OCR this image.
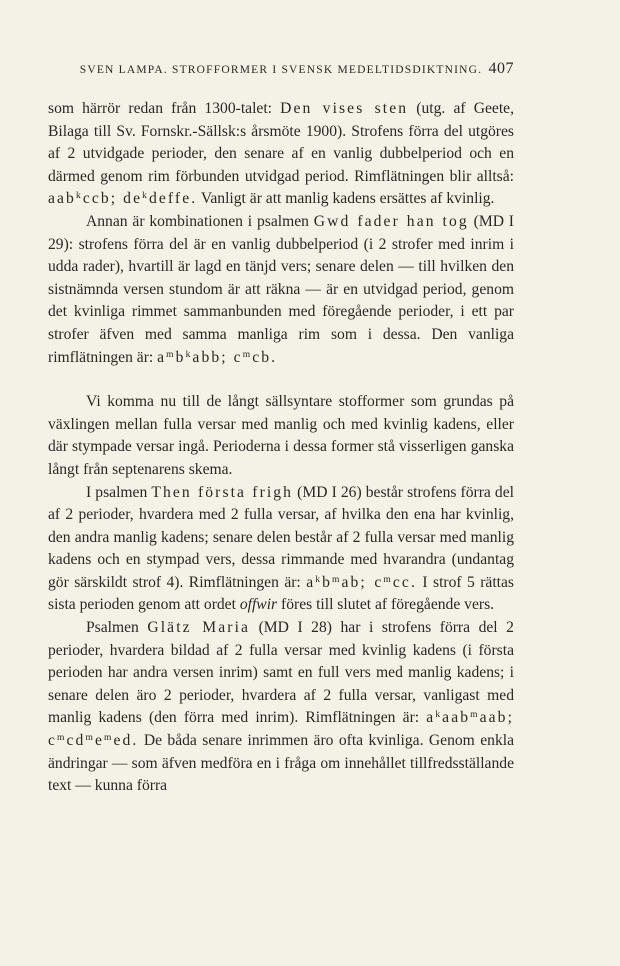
SVEN LAMPA. STROFFORMER I SVENSK MEDELTIDSDIKTNING. 407

som härrör redan från 1300-talet: Den vises sten (utg. af Geete, Bilaga till Sv. Fornskr.-Sällsk:s årsmöte 1900). Strofens förra del utgöres af 2 utvidgade perioder, den senare af en vanlig dubbelperiod och en därmed genom rim förbunden utvidgad period. Rimflätningen blir alltså: aab$^k$ccb; $de^kdeffe$. Vanligt är att manlig kadens ersättes af kvinlig.

Annan är kombinationen i psalmen Gwd fader han tog (MD I 29): strofens förra del är en vanlig dubbelperiod (i 2 strofer med inrim i udda rader), hvartill är lagd en tänjd vers; senare delen — till hvilken den sistnämnda versen stundom är att räkna — är en utvidgad period, genom det kvinliga rimmet sammanbunden med föregående perioder, i ett par strofer äfven med samma manliga rim som i dessa. Den vanliga rimflätningen är: $a^mb^kabb$; $c^mcb$.

Vi komma nu till de långt sällsyntare stofformer som grundas på växlingen mellan fulla versar med manlig och med kvinlig kadens, eller där stympade versar ingå. Perioderna i dessa former stå visserligen ganska långt från septenarens skema.

I psalmen Then första frigh (MD I 26) består strofens förra del af 2 perioder, hvardera med 2 fulla versar, af hvilka den ena har kvinlig, den andra manlig kadens; senare delen består af 2 fulla versar med manlig kadens och en stympad vers, dessa rimmande med hvarandra (undantag gör särskildt strof 4). Rimflätningen är: $a^kb^mab$; $c^mcc$. I strof 5 rättas sista perioden genom att ordet offwir föres till slutet af föregående vers.

Psalmen Glätz Maria (MD I 28) har i strofens förra del 2 perioder, hvardera bildad af 2 fulla versar med kvinlig kadens (i första perioden har andra versen inrim) samt en full vers med manlig kadens; i senare delen äro 2 perioder, hvardera af 2 fulla versar, vanligast med manlig kadens (den förra med inrim). Rimflätningen är: $a^kaab^maab$; $c^mcd^me^med$. De båda senare inrimmen äro ofta kvinliga. Genom enkla ändringar — som äfven medföra en i fråga om innehållet tillfredsställande text — kunna förra
